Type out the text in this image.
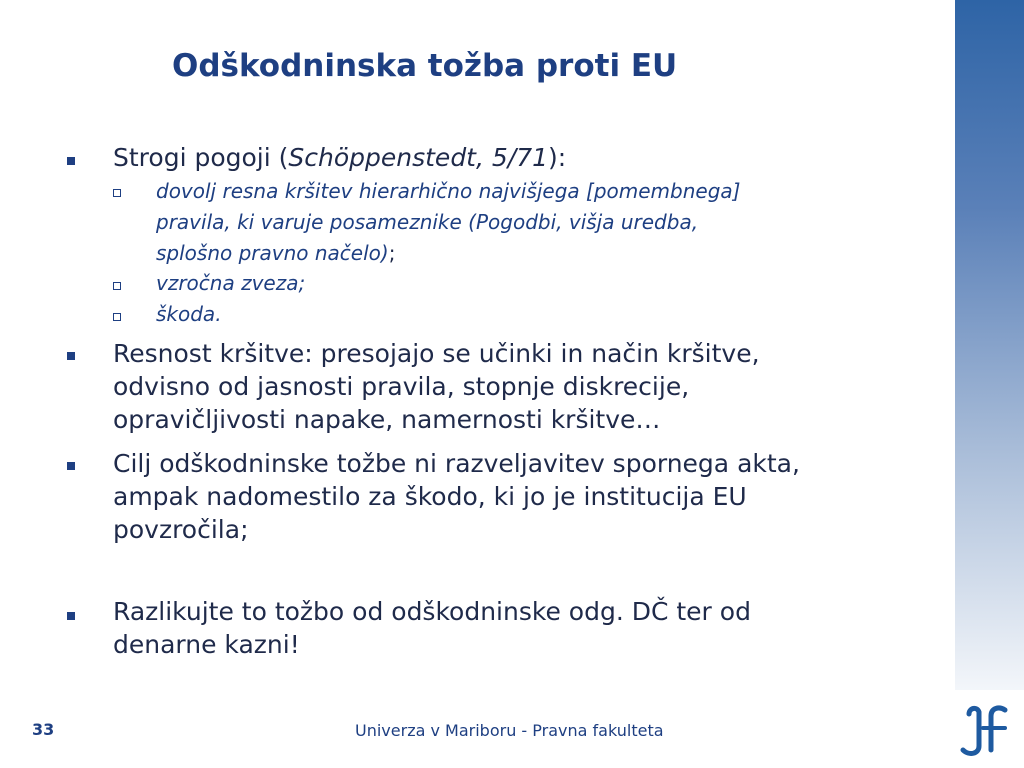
Odškodninska tožba proti EU
Strogi pogoji (Schöppenstedt, 5/71):
dovolj resna kršitev hierarhično najvišjega [pomembnega]
pravila, ki varuje posameznike (Pogodbi, višja uredba,
splošno pravno načelo);
vzročna zveza;
škoda.
Resnost kršitve: presojajo se učinki in način kršitve,
odvisno od jasnosti pravila, stopnje diskrecije,
opravičljivosti napake, namernosti kršitve…
Cilj odškodninske tožbe ni razveljavitev spornega akta,
ampak nadomestilo za škodo, ki jo je institucija EU
povzročila;
Razlikujte to tožbo od odškodninske odg. DČ ter od
denarne kazni!
33	Univerza v Mariboru - Pravna fakulteta
